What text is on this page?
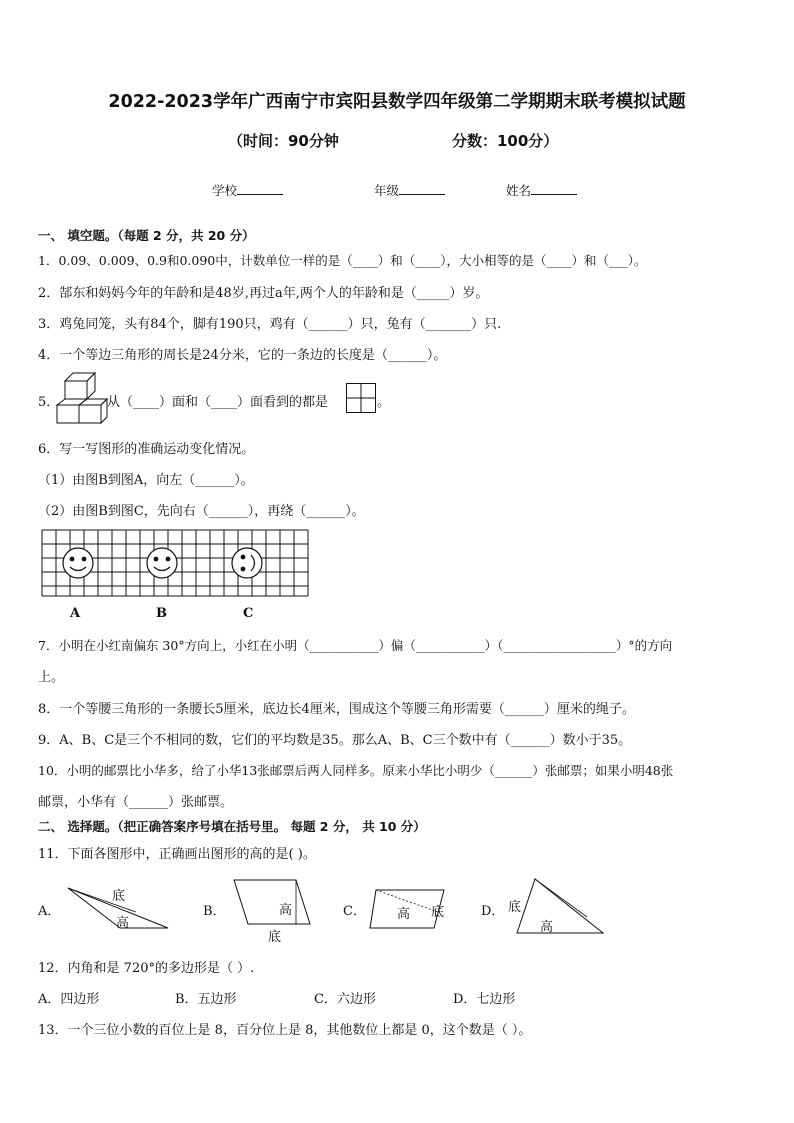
2022-2023学年广西南宁市宾阳县数学四年级第二学期期末联考模拟试题
（时间：90分钟	分数：100分）
学校	年级	姓名
一、 填空题。（每题 2 分，共 20 分）
1．0.09、0.009、0.9和0.090中，计数单位一样的是（____）和（____），大小相等的是（____）和（___）。
2．郜东和妈妈今年的年龄和是48岁,再过a年,两个人的年龄和是（_____）岁。
3．鸡兔同笼，头有84个，脚有190只，鸡有（______）只，兔有（_______）只.
4．一个等边三角形的周长是24分米，它的一条边的长度是（______）。
5．	从（____）面和（____）面看到的都是	。
6．写一写图形的准确运动变化情况。
（1）由图B到图A，向左（______）。
（2）由图B到图C，先向右（______），再绕（______）。
A	B	C
7．小明在小红南偏东 30°方向上，小红在小明（___________）偏（___________）（__________________）°的方向
上。
8．一个等腰三角形的一条腰长5厘米，底边长4厘米，围成这个等腰三角形需要（______）厘米的绳子。
9．A、B、C是三个不相同的数，它们的平均数是35。那么A、B、C三个数中有（______）数小于35。
10．小明的邮票比小华多，给了小华13张邮票后两人同样多。原来小华比小明少（______）张邮票；如果小明48张
邮票，小华有（______）张邮票。
二、 选择题。（把正确答案序号填在括号里。 每题 2 分， 共 10 分）
11．下面各图形中，正确画出图形的高的是( )。
A．
底
高
B．	高
底
C． 高 底	D． 底
高
12．内角和是 720°的多边形是（ ）.
A．四边形	B．五边形	C．六边形	D．七边形
13．一个三位小数的百位上是 8，百分位上是 8，其他数位上都是 0，这个数是（ ）。
